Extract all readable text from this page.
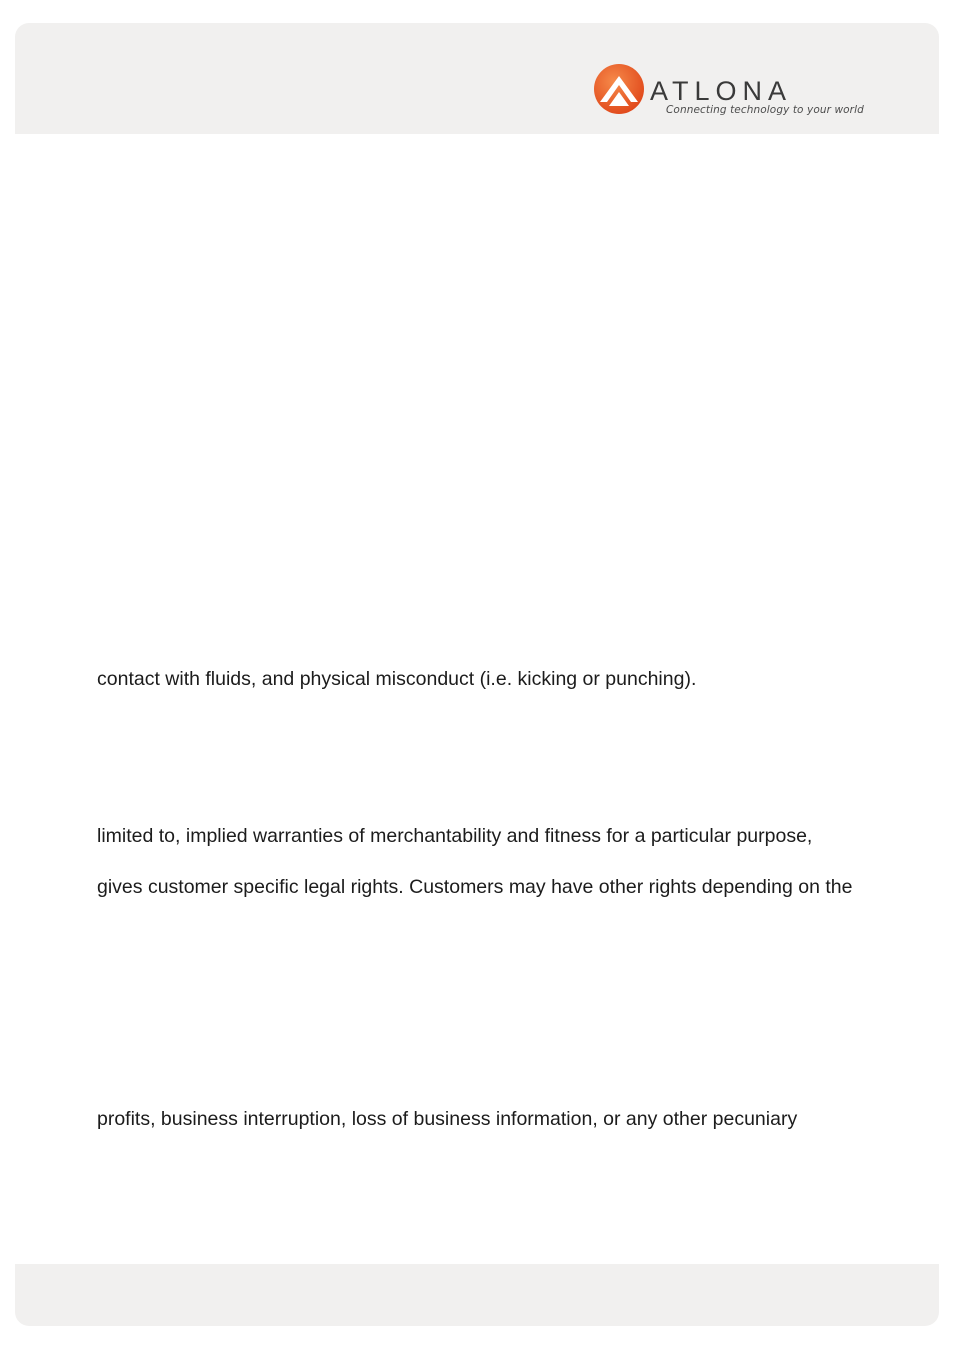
ATLONA
Connecting technology to your world
contact with fluids, and physical misconduct (i.e. kicking or punching).
limited to, implied warranties of merchantability and fitness for a particular purpose,
gives customer specific legal rights. Customers may have other rights depending on the
profits, business interruption, loss of business information, or any other pecuniary
